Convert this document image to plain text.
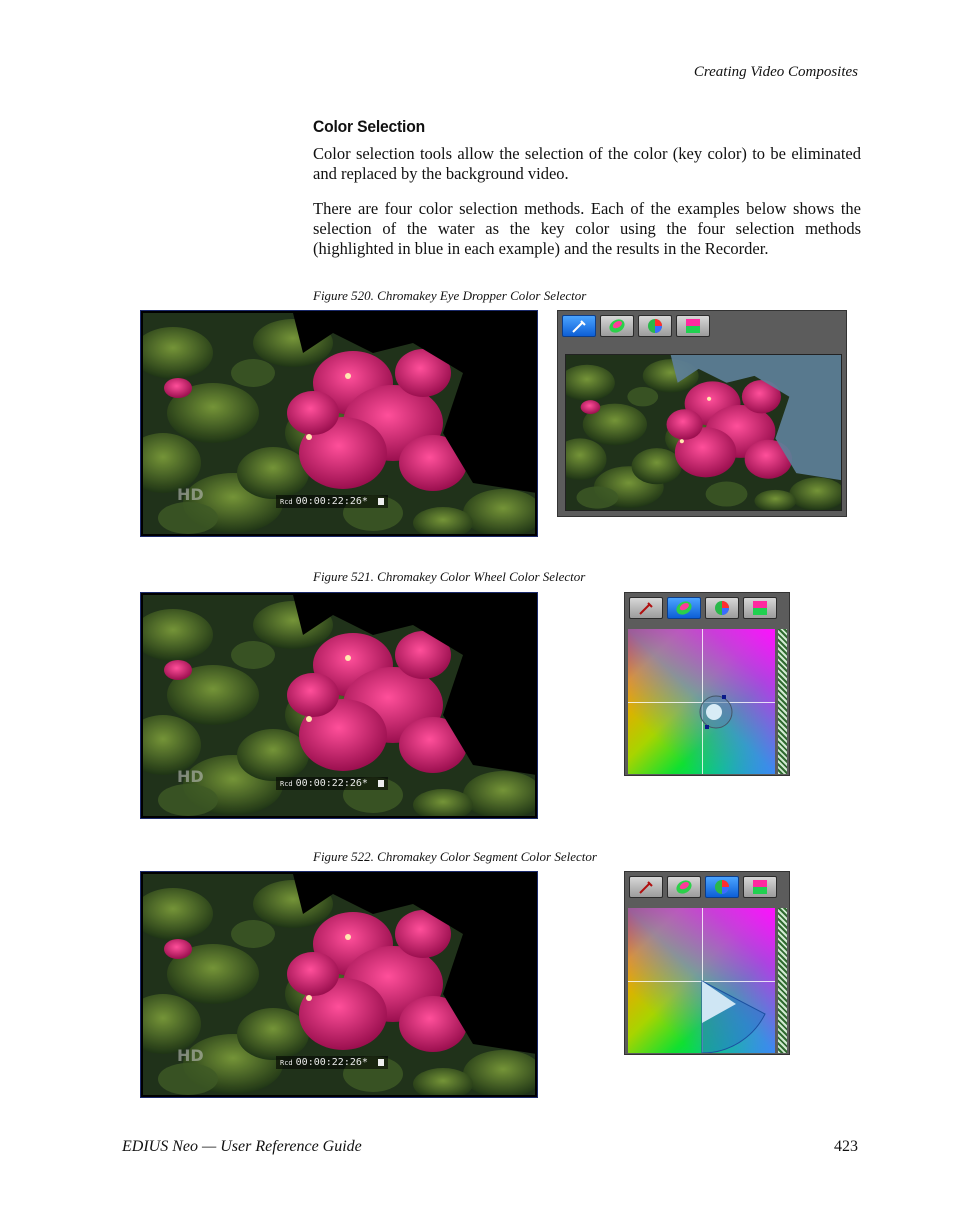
Creating Video Composites
Color Selection
Color selection tools allow the selection of the color (key color) to be eliminated and replaced by the background video.
There are four color selection methods. Each of the examples below shows the selection of the water as the key color using the four selection methods (highlighted in blue in each example) and the results in the Recorder.
Figure 520. Chromakey Eye Dropper Color Selector
HD	Rcd 00:00:22:26*
Figure 521. Chromakey Color Wheel Color Selector
HD	Rcd 00:00:22:26*
Figure 522. Chromakey Color Segment Color Selector
HD	Rcd 00:00:22:26*
EDIUS Neo — User Reference Guide	423
